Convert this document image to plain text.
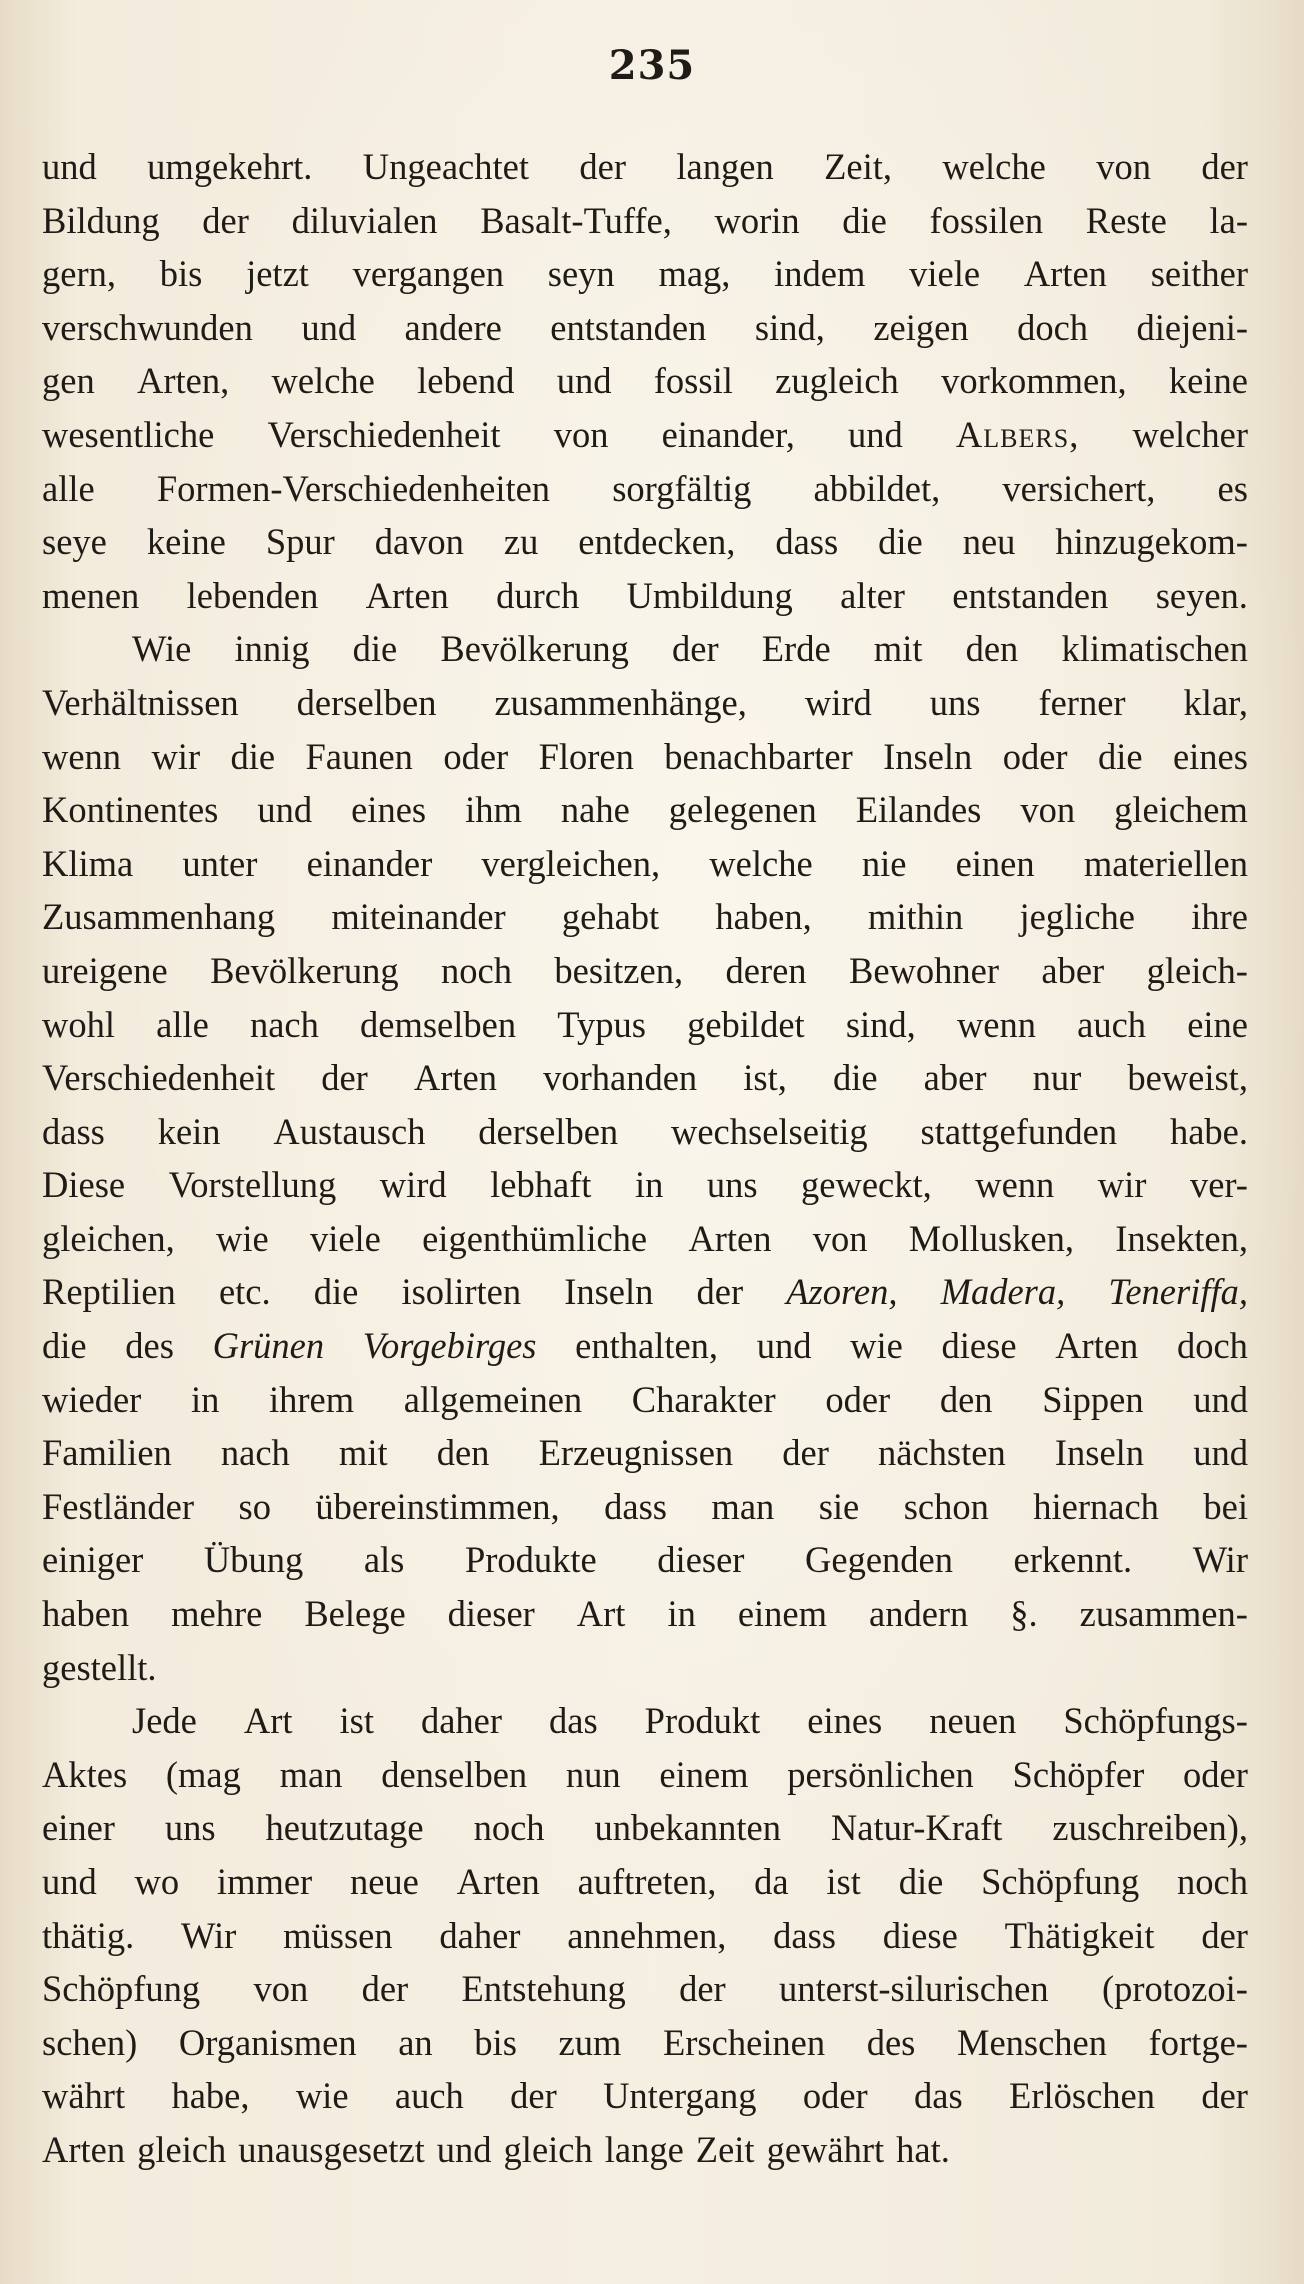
235
und umgekehrt. Ungeachtet der langen Zeit, welche von der
Bildung der diluvialen Basalt-Tuffe, worin die fossilen Reste la-
gern, bis jetzt vergangen seyn mag, indem viele Arten seither
verschwunden und andere entstanden sind, zeigen doch diejeni-
gen Arten, welche lebend und fossil zugleich vorkommen, keine
wesentliche Verschiedenheit von einander, und Albers, welcher
alle Formen-Verschiedenheiten sorgfältig abbildet, versichert, es
seye keine Spur davon zu entdecken, dass die neu hinzugekom-
menen lebenden Arten durch Umbildung alter entstanden seyen.
Wie innig die Bevölkerung der Erde mit den klimatischen
Verhältnissen derselben zusammenhänge, wird uns ferner klar,
wenn wir die Faunen oder Floren benachbarter Inseln oder die eines
Kontinentes und eines ihm nahe gelegenen Eilandes von gleichem
Klima unter einander vergleichen, welche nie einen materiellen
Zusammenhang miteinander gehabt haben, mithin jegliche ihre
ureigene Bevölkerung noch besitzen, deren Bewohner aber gleich-
wohl alle nach demselben Typus gebildet sind, wenn auch eine
Verschiedenheit der Arten vorhanden ist, die aber nur beweist,
dass kein Austausch derselben wechselseitig stattgefunden habe.
Diese Vorstellung wird lebhaft in uns geweckt, wenn wir ver-
gleichen, wie viele eigenthümliche Arten von Mollusken, Insekten,
Reptilien etc. die isolirten Inseln der Azoren, Madera, Teneriffa,
die des Grünen Vorgebirges enthalten, und wie diese Arten doch
wieder in ihrem allgemeinen Charakter oder den Sippen und
Familien nach mit den Erzeugnissen der nächsten Inseln und
Festländer so übereinstimmen, dass man sie schon hiernach bei
einiger Übung als Produkte dieser Gegenden erkennt. Wir
haben mehre Belege dieser Art in einem andern §. zusammen-
gestellt.
Jede Art ist daher das Produkt eines neuen Schöpfungs-
Aktes (mag man denselben nun einem persönlichen Schöpfer oder
einer uns heutzutage noch unbekannten Natur-Kraft zuschreiben),
und wo immer neue Arten auftreten, da ist die Schöpfung noch
thätig. Wir müssen daher annehmen, dass diese Thätigkeit der
Schöpfung von der Entstehung der unterst-silurischen (protozoi-
schen) Organismen an bis zum Erscheinen des Menschen fortge-
währt habe, wie auch der Untergang oder das Erlöschen der
Arten gleich unausgesetzt und gleich lange Zeit gewährt hat.
